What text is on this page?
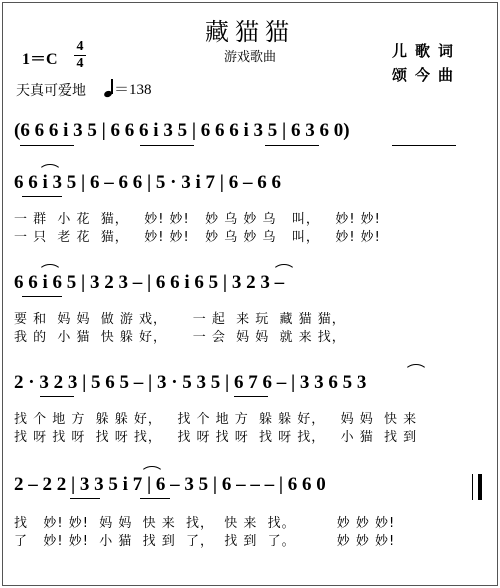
藏猫猫
游戏歌曲
1＝C
4
4
儿歌词
颂今曲
天真可爱地	＝138
(6 6 6 i 3 5 | 6 6 6 i 3 5 | 6 6 6 i 3 5 | 6 3 6 0)
6 6 i 3 5 | 6 – 6 6 | 5 · 3 i 7 | 6 – 6 6
一 群  小 花  猫，   妙! 妙!   妙 乌 妙 乌   叫，   妙! 妙!
一 只  老 花  猫，   妙! 妙!   妙 乌 妙 乌   叫，   妙! 妙!
6 6 i 6 5 | 3 2 3 – | 6 6 i 6 5 | 3 2 3 –
要 和  妈 妈  做 游 戏，     一 起  来 玩  藏 猫 猫，
我 的  小 猫  快 躲 好，     一 会  妈 妈  就 来 找，
2 · 3 2 3 | 5 6 5 – | 3 · 5 3 5 | 6 7 6 – | 3 3 6 5 3
找 个 地 方  躲 躲 好，   找 个 地 方  躲 躲 好，   妈 妈  快 来
找 呀 找 呀  找 呀 找，   找 呀 找 呀  找 呀 找，   小 猫  找 到
2 – 2 2 | 3 3 5 i 7 | 6 – 3 5 | 6 – – – | 6 6 0
找   妙! 妙!  妈 妈  快 来  找，  快 来  找。        妙 妙 妙!
了   妙! 妙!  小 猫  找 到  了，  找 到  了。        妙 妙 妙!
